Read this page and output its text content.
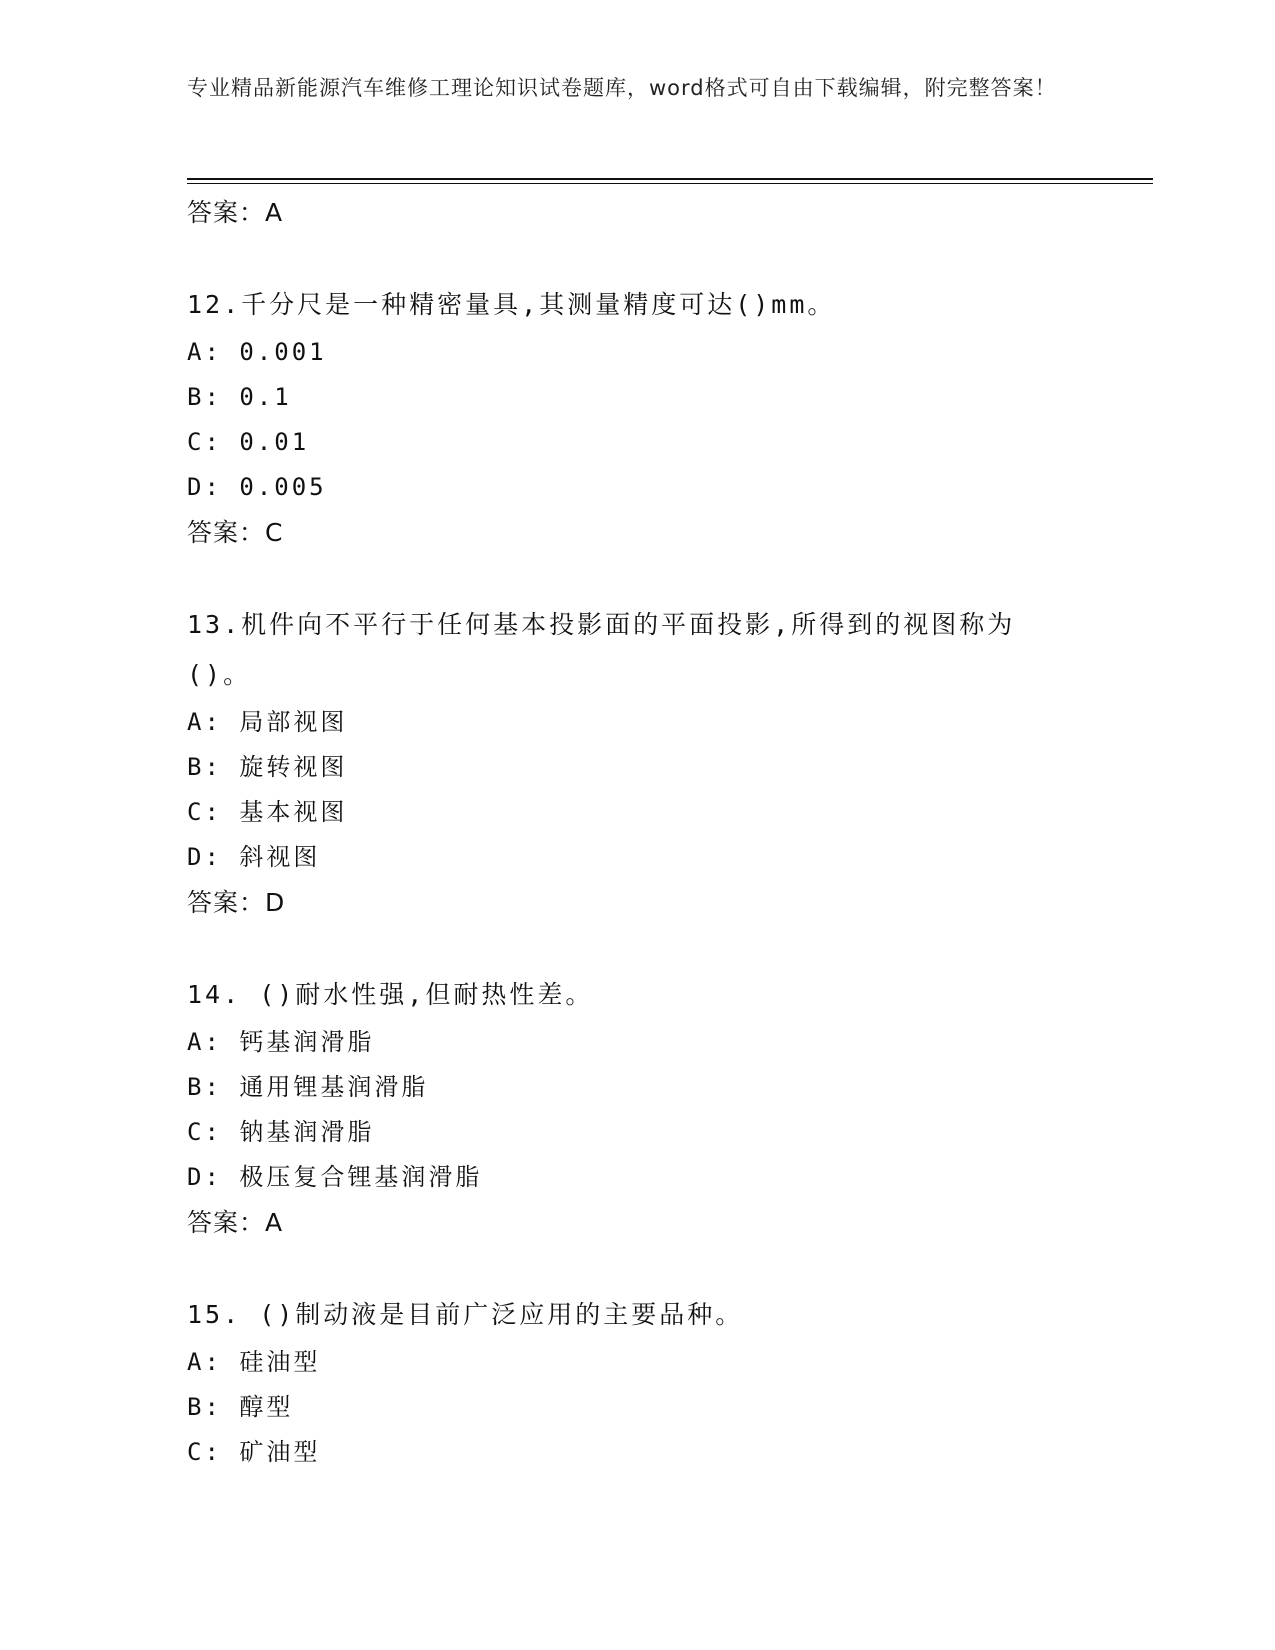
专业精品新能源汽车维修工理论知识试卷题库，word格式可自由下载编辑，附完整答案！
答案：A
12.千分尺是一种精密量具,其测量精度可达()mm。
A: 0.001
B: 0.1
C: 0.01
D: 0.005
答案：C
13.机件向不平行于任何基本投影面的平面投影,所得到的视图称为()。
A: 局部视图
B: 旋转视图
C: 基本视图
D: 斜视图
答案：D
14. ()耐水性强,但耐热性差。
A: 钙基润滑脂
B: 通用锂基润滑脂
C: 钠基润滑脂
D: 极压复合锂基润滑脂
答案：A
15. ()制动液是目前广泛应用的主要品种。
A: 硅油型
B: 醇型
C: 矿油型
